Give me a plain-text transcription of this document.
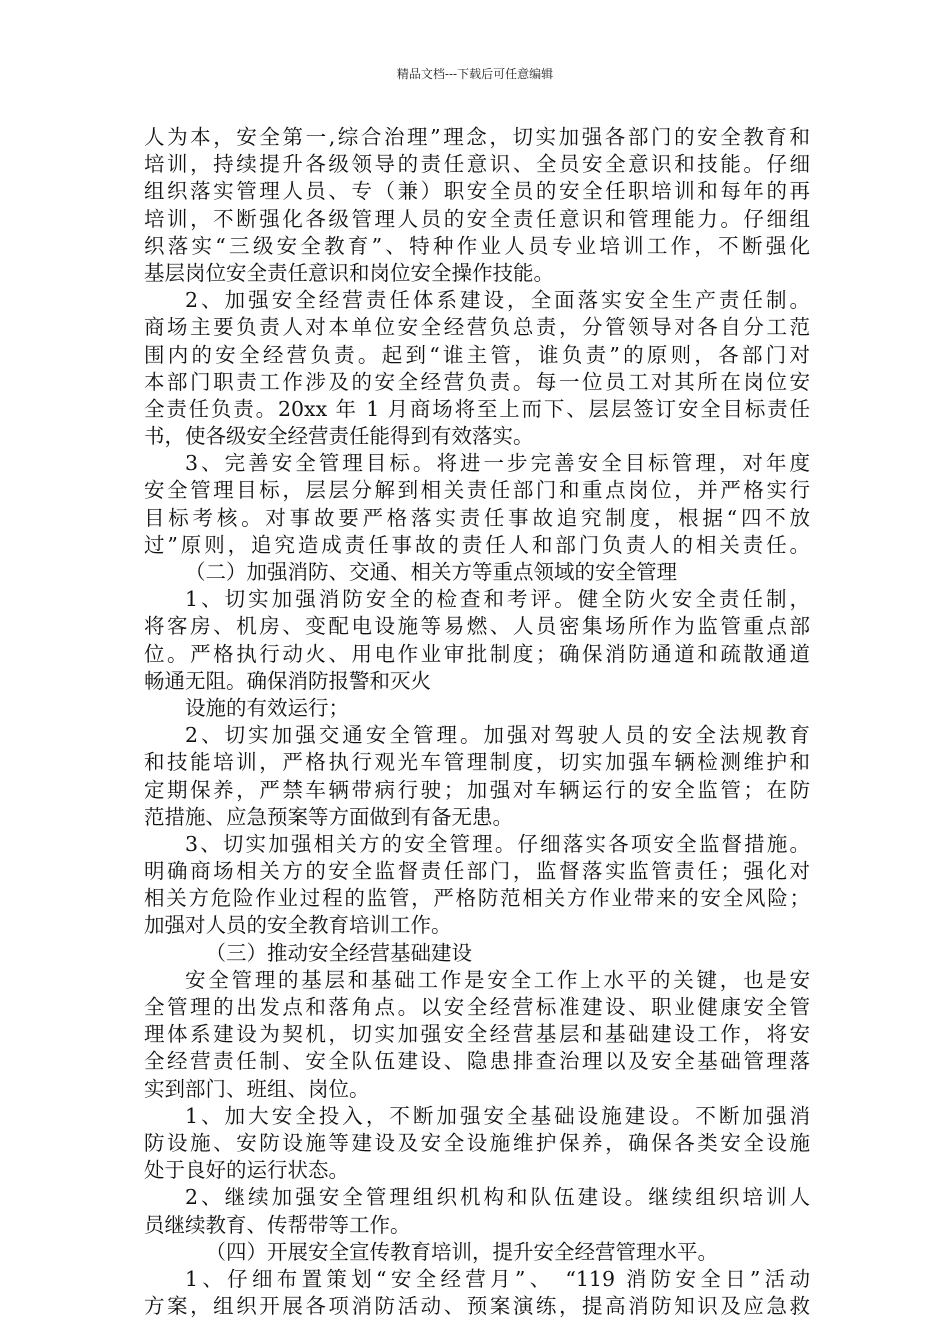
精品文档---下载后可任意编辑
人为本，安全第一,综合治理”理念，切实加强各部门的安全教育和
培训，持续提升各级领导的责任意识、全员安全意识和技能。仔细
组织落实管理人员、专（兼）职安全员的安全任职培训和每年的再
培训，不断强化各级管理人员的安全责任意识和管理能力。仔细组
织落实“三级安全教育”、特种作业人员专业培训工作，不断强化
基层岗位安全责任意识和岗位安全操作技能。
2、加强安全经营责任体系建设，全面落实安全生产责任制。
商场主要负责人对本单位安全经营负总责，分管领导对各自分工范
围内的安全经营负责。起到“谁主管，谁负责”的原则，各部门对
本部门职责工作涉及的安全经营负责。每一位员工对其所在岗位安
全责任负责。20xx 年 1 月商场将至上而下、层层签订安全目标责任
书，使各级安全经营责任能得到有效落实。
3、完善安全管理目标。将进一步完善安全目标管理，对年度
安全管理目标，层层分解到相关责任部门和重点岗位，并严格实行
目标考核。对事故要严格落实责任事故追究制度，根据“四不放
过”原则，追究造成责任事故的责任人和部门负责人的相关责任。
（二）加强消防、交通、相关方等重点领域的安全管理
1、切实加强消防安全的检查和考评。健全防火安全责任制，
将客房、机房、变配电设施等易燃、人员密集场所作为监管重点部
位。严格执行动火、用电作业审批制度；确保消防通道和疏散通道
畅通无阻。确保消防报警和灭火
设施的有效运行；
2、切实加强交通安全管理。加强对驾驶人员的安全法规教育
和技能培训，严格执行观光车管理制度，切实加强车辆检测维护和
定期保养，严禁车辆带病行驶；加强对车辆运行的安全监管；在防
范措施、应急预案等方面做到有备无患。
3、切实加强相关方的安全管理。仔细落实各项安全监督措施。
明确商场相关方的安全监督责任部门，监督落实监管责任；强化对
相关方危险作业过程的监管，严格防范相关方作业带来的安全风险；
加强对人员的安全教育培训工作。
（三）推动安全经营基础建设
安全管理的基层和基础工作是安全工作上水平的关键，也是安
全管理的出发点和落角点。以安全经营标准建设、职业健康安全管
理体系建设为契机，切实加强安全经营基层和基础建设工作，将安
全经营责任制、安全队伍建设、隐患排查治理以及安全基础管理落
实到部门、班组、岗位。
1、加大安全投入，不断加强安全基础设施建设。不断加强消
防设施、安防设施等建设及安全设施维护保养，确保各类安全设施
处于良好的运行状态。
2、继续加强安全管理组织机构和队伍建设。继续组织培训人
员继续教育、传帮带等工作。
（四）开展安全宣传教育培训，提升安全经营管理水平。
1、仔细布置策划“安全经营月”、 “119 消防安全日”活动
方案，组织开展各项消防活动、预案演练，提高消防知识及应急救
